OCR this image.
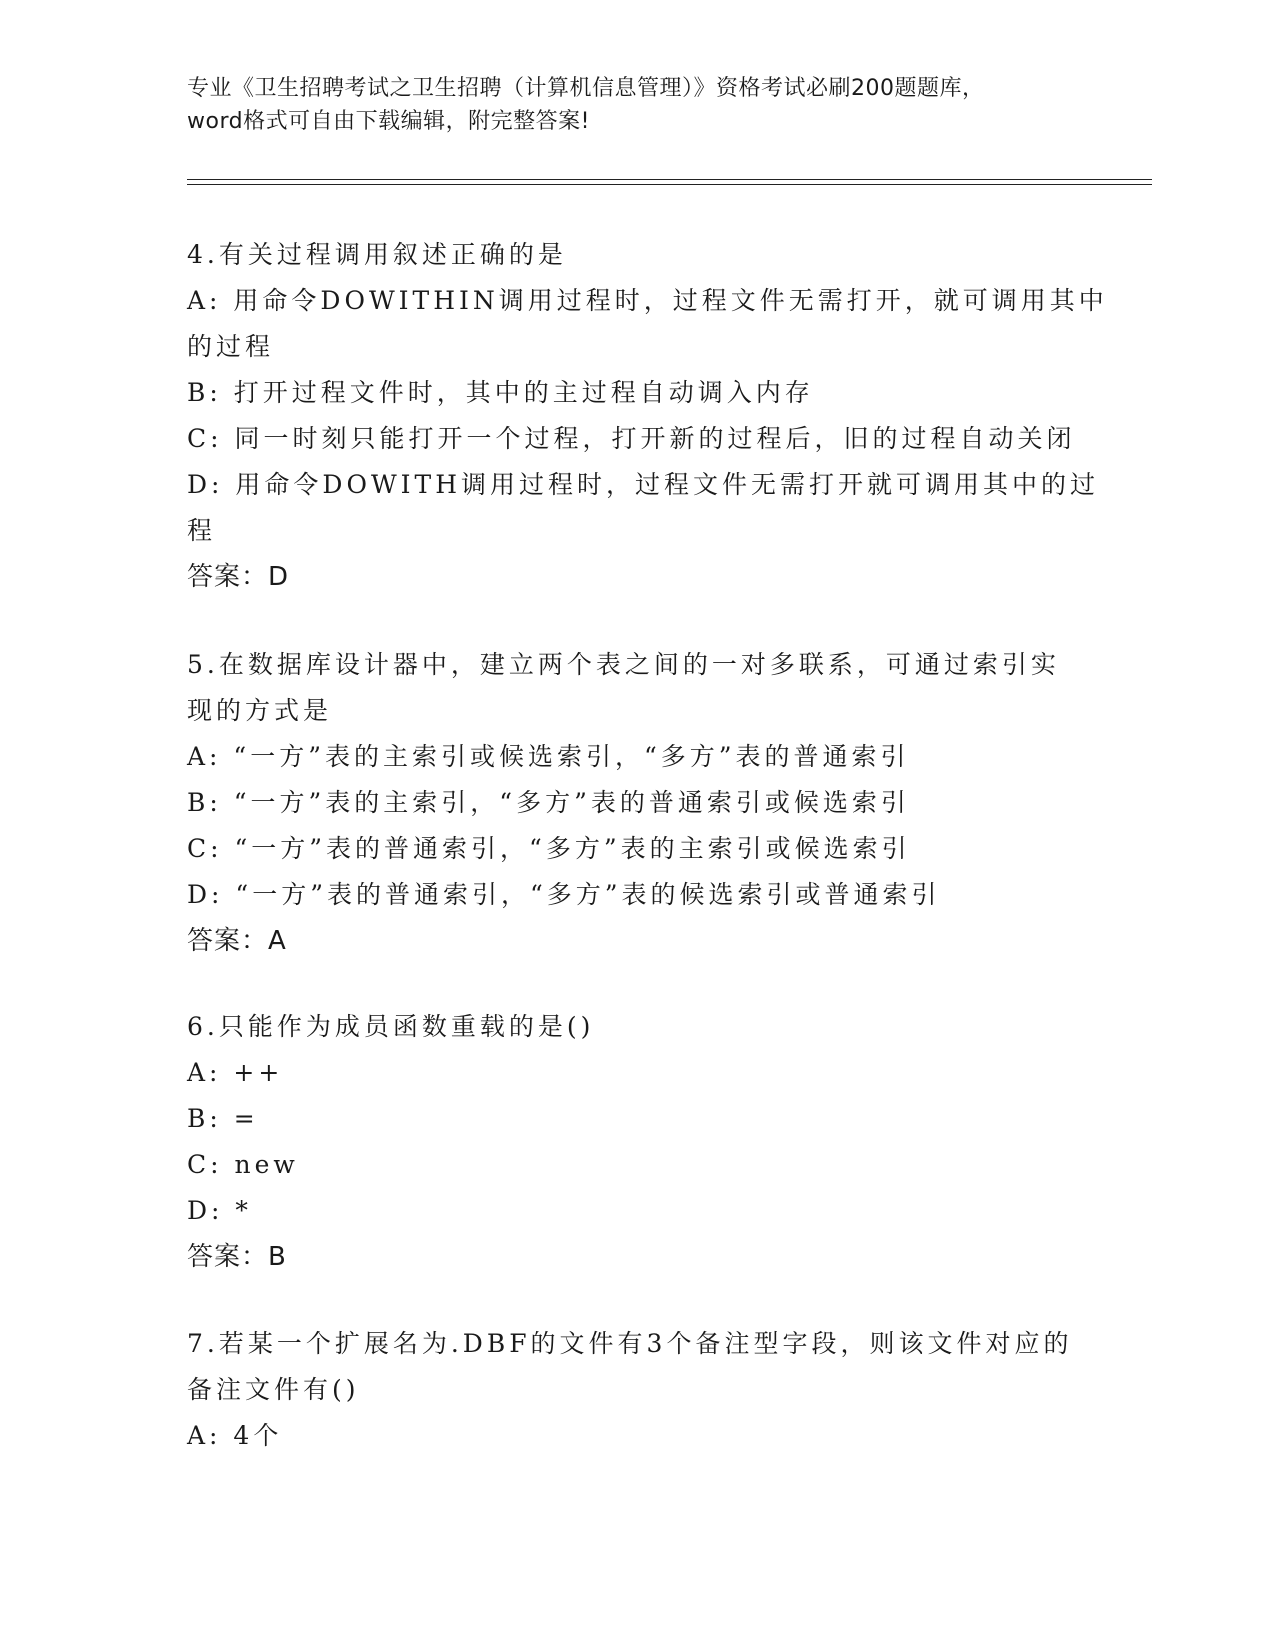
专业《卫生招聘考试之卫生招聘（计算机信息管理）》资格考试必刷200题题库，
word格式可自由下载编辑，附完整答案!
4.有关过程调用叙述正确的是
A: 用命令DOWITHIN调用过程时，过程文件无需打开，就可调用其中
的过程
B: 打开过程文件时，其中的主过程自动调入内存
C: 同一时刻只能打开一个过程，打开新的过程后，旧的过程自动关闭
D: 用命令DOWITH调用过程时，过程文件无需打开就可调用其中的过
程
答案：D
5.在数据库设计器中，建立两个表之间的一对多联系，可通过索引实
现的方式是
A: “一方”表的主索引或候选索引，“多方”表的普通索引
B: “一方”表的主索引，“多方”表的普通索引或候选索引
C: “一方”表的普通索引，“多方”表的主索引或候选索引
D: “一方”表的普通索引，“多方”表的候选索引或普通索引
答案：A
6.只能作为成员函数重载的是()
A: ++
B: =
C: new
D: *
答案：B
7.若某一个扩展名为.DBF的文件有3个备注型字段，则该文件对应的
备注文件有()
A: 4个
